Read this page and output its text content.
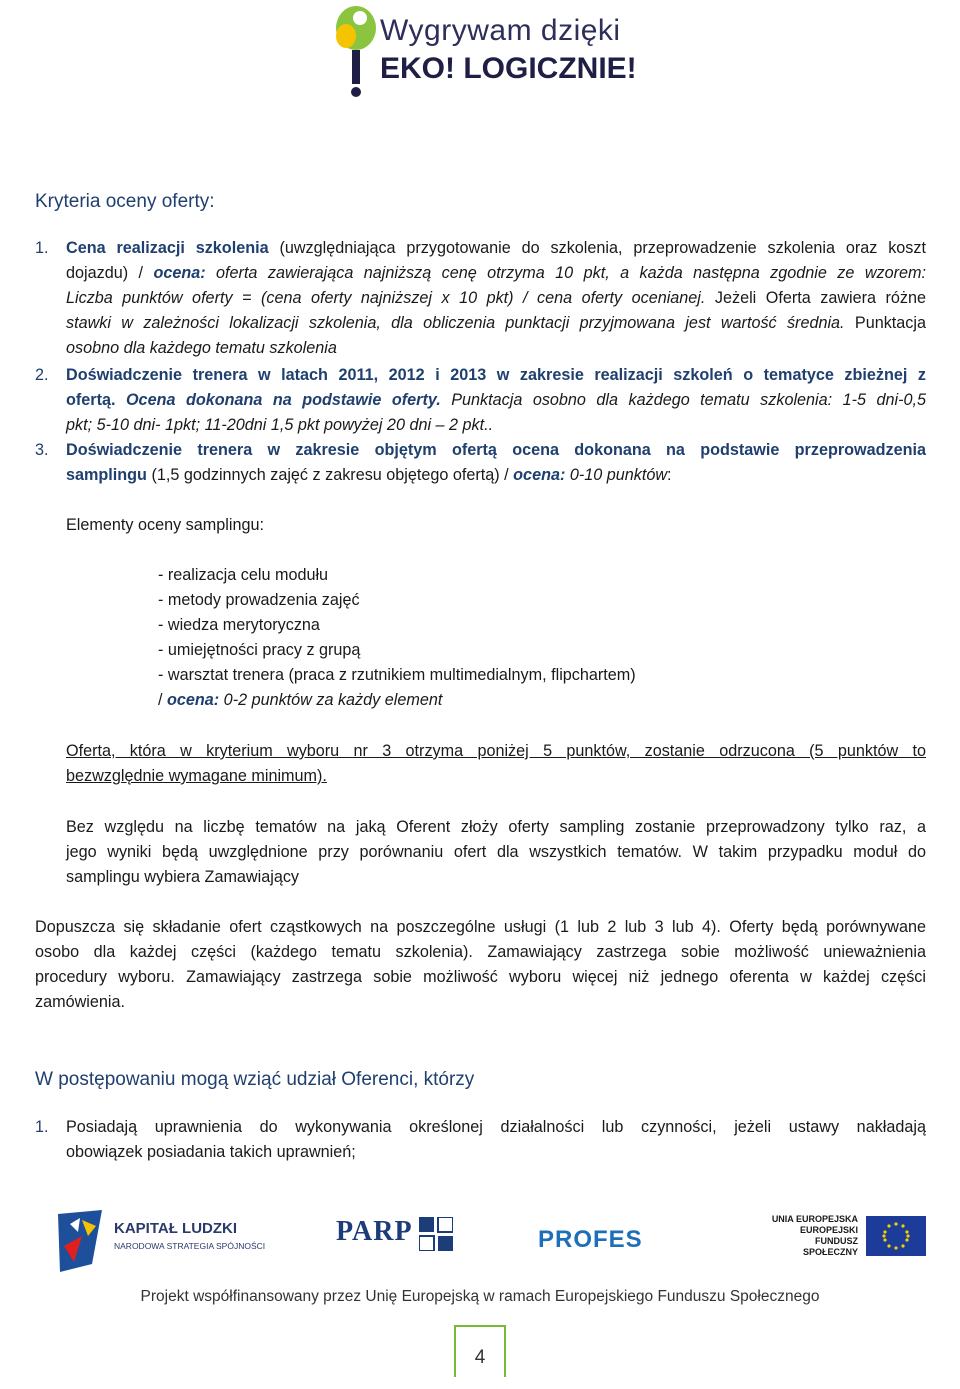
Wygrywam dzięki
EKO! LOGICZNIE!
Kryteria oceny oferty:
1. Cena realizacji szkolenia (uwzględniająca przygotowanie do szkolenia, przeprowadzenie szkolenia oraz koszt
dojazdu) / ocena: oferta zawierająca najniższą cenę otrzyma 10 pkt, a każda następna zgodnie ze wzorem:
Liczba punktów oferty = (cena oferty najniższej x 10 pkt) / cena oferty ocenianej. Jeżeli Oferta zawiera różne
stawki w zależności lokalizacji szkolenia, dla obliczenia punktacji przyjmowana jest wartość średnia. Punktacja
osobno dla każdego tematu szkolenia
2. Doświadczenie trenera w latach 2011, 2012 i 2013 w zakresie realizacji szkoleń o tematyce zbieżnej z
ofertą. Ocena dokonana na podstawie oferty. Punktacja osobno dla każdego tematu szkolenia: 1-5 dni-0,5
pkt; 5-10 dni- 1pkt; 11-20dni 1,5 pkt powyżej 20 dni – 2 pkt..
3. Doświadczenie trenera w zakresie objętym ofertą ocena dokonana na podstawie przeprowadzenia
samplingu (1,5 godzinnych zajęć z zakresu objętego ofertą) / ocena: 0-10 punktów:
Elementy oceny samplingu:
- realizacja celu modułu
- metody prowadzenia zajęć
- wiedza merytoryczna
- umiejętności pracy z grupą
- warsztat trenera (praca z rzutnikiem multimedialnym, flipchartem)
/ ocena: 0-2 punktów za każdy element
Oferta, która w kryterium wyboru nr 3 otrzyma poniżej 5 punktów, zostanie odrzucona (5 punktów to
bezwzględnie wymagane minimum).
Bez względu na liczbę tematów na jaką Oferent złoży oferty sampling zostanie przeprowadzony tylko raz, a
jego wyniki będą uwzględnione przy porównaniu ofert dla wszystkich tematów. W takim przypadku moduł do
samplingu wybiera Zamawiający
Dopuszcza się składanie ofert cząstkowych na poszczególne usługi (1 lub 2 lub 3 lub 4). Oferty będą porównywane
osobo dla każdej części (każdego tematu szkolenia). Zamawiający zastrzega sobie możliwość unieważnienia
procedury wyboru. Zamawiający zastrzega sobie możliwość wyboru więcej niż jednego oferenta w każdej części
zamówienia.
W postępowaniu mogą wziąć udział Oferenci, którzy
1. Posiadają uprawnienia do wykonywania określonej działalności lub czynności, jeżeli ustawy nakładają
obowiązek posiadania takich uprawnień;
KAPITAŁ LUDZKI
NARODOWA STRATEGIA SPÓJNOŚCI	PARP	PROFES
UNIA EUROPEJSKA
EUROPEJSKI
FUNDUSZ SPOŁECZNY
Projekt współfinansowany przez Unię Europejską w ramach Europejskiego Funduszu Społecznego
4
